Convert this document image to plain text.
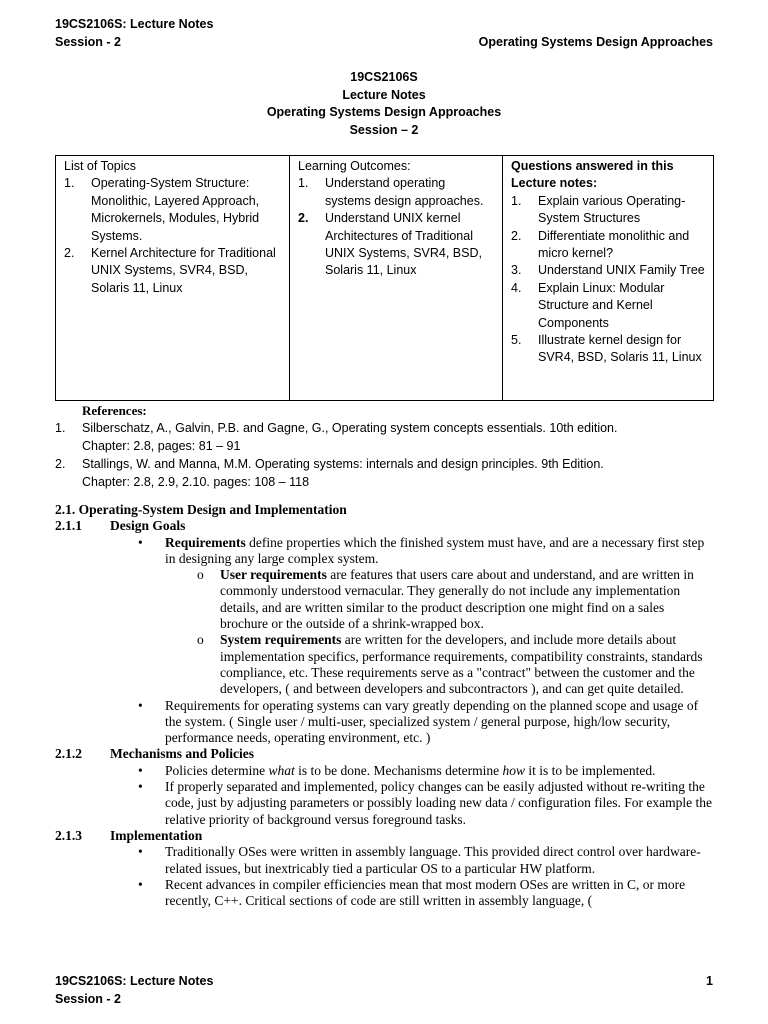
19CS2106S: Lecture Notes
Session - 2	Operating Systems Design Approaches
19CS2106S
Lecture Notes
Operating Systems Design Approaches
Session – 2
List of Topics
1. Operating-System Structure: Monolithic, Layered Approach, Microkernels, Modules, Hybrid Systems.
2. Kernel Architecture for Traditional UNIX Systems, SVR4, BSD, Solaris 11, Linux

Learning Outcomes:
1. Understand operating systems design approaches.
2. Understand UNIX kernel Architectures of Traditional UNIX Systems, SVR4, BSD, Solaris 11, Linux

Questions answered in this Lecture notes:
1. Explain various Operating-System Structures
2. Differentiate monolithic and micro kernel?
3. Understand UNIX Family Tree
4. Explain Linux: Modular Structure and Kernel Components
5. Illustrate kernel design for SVR4, BSD, Solaris 11, Linux
References:
1. Silberschatz, A., Galvin, P.B. and Gagne, G., Operating system concepts essentials. 10th edition.
Chapter: 2.8, pages: 81 – 91
2. Stallings, W. and Manna, M.M. Operating systems: internals and design principles. 9th Edition.
Chapter: 2.8, 2.9, 2.10. pages: 108 – 118
2.1. Operating-System Design and Implementation
2.1.1 Design Goals
• Requirements define properties which the finished system must have, and are a necessary first step in designing any large complex system.
o User requirements are features that users care about and understand, and are written in commonly understood vernacular. They generally do not include any implementation details, and are written similar to the product description one might find on a sales brochure or the outside of a shrink-wrapped box.
o System requirements are written for the developers, and include more details about implementation specifics, performance requirements, compatibility constraints, standards compliance, etc. These requirements serve as a "contract" between the customer and the developers, ( and between developers and subcontractors ), and can get quite detailed.
• Requirements for operating systems can vary greatly depending on the planned scope and usage of the system. ( Single user / multi-user, specialized system / general purpose, high/low security, performance needs, operating environment, etc. )
2.1.2 Mechanisms and Policies
• Policies determine what is to be done. Mechanisms determine how it is to be implemented.
• If properly separated and implemented, policy changes can be easily adjusted without re-writing the code, just by adjusting parameters or possibly loading new data / configuration files. For example the relative priority of background versus foreground tasks.
2.1.3 Implementation
• Traditionally OSes were written in assembly language. This provided direct control over hardware-related issues, but inextricably tied a particular OS to a particular HW platform.
• Recent advances in compiler efficiencies mean that most modern OSes are written in C, or more recently, C++. Critical sections of code are still written in assembly language, (
19CS2106S: Lecture Notes
Session - 2
1
